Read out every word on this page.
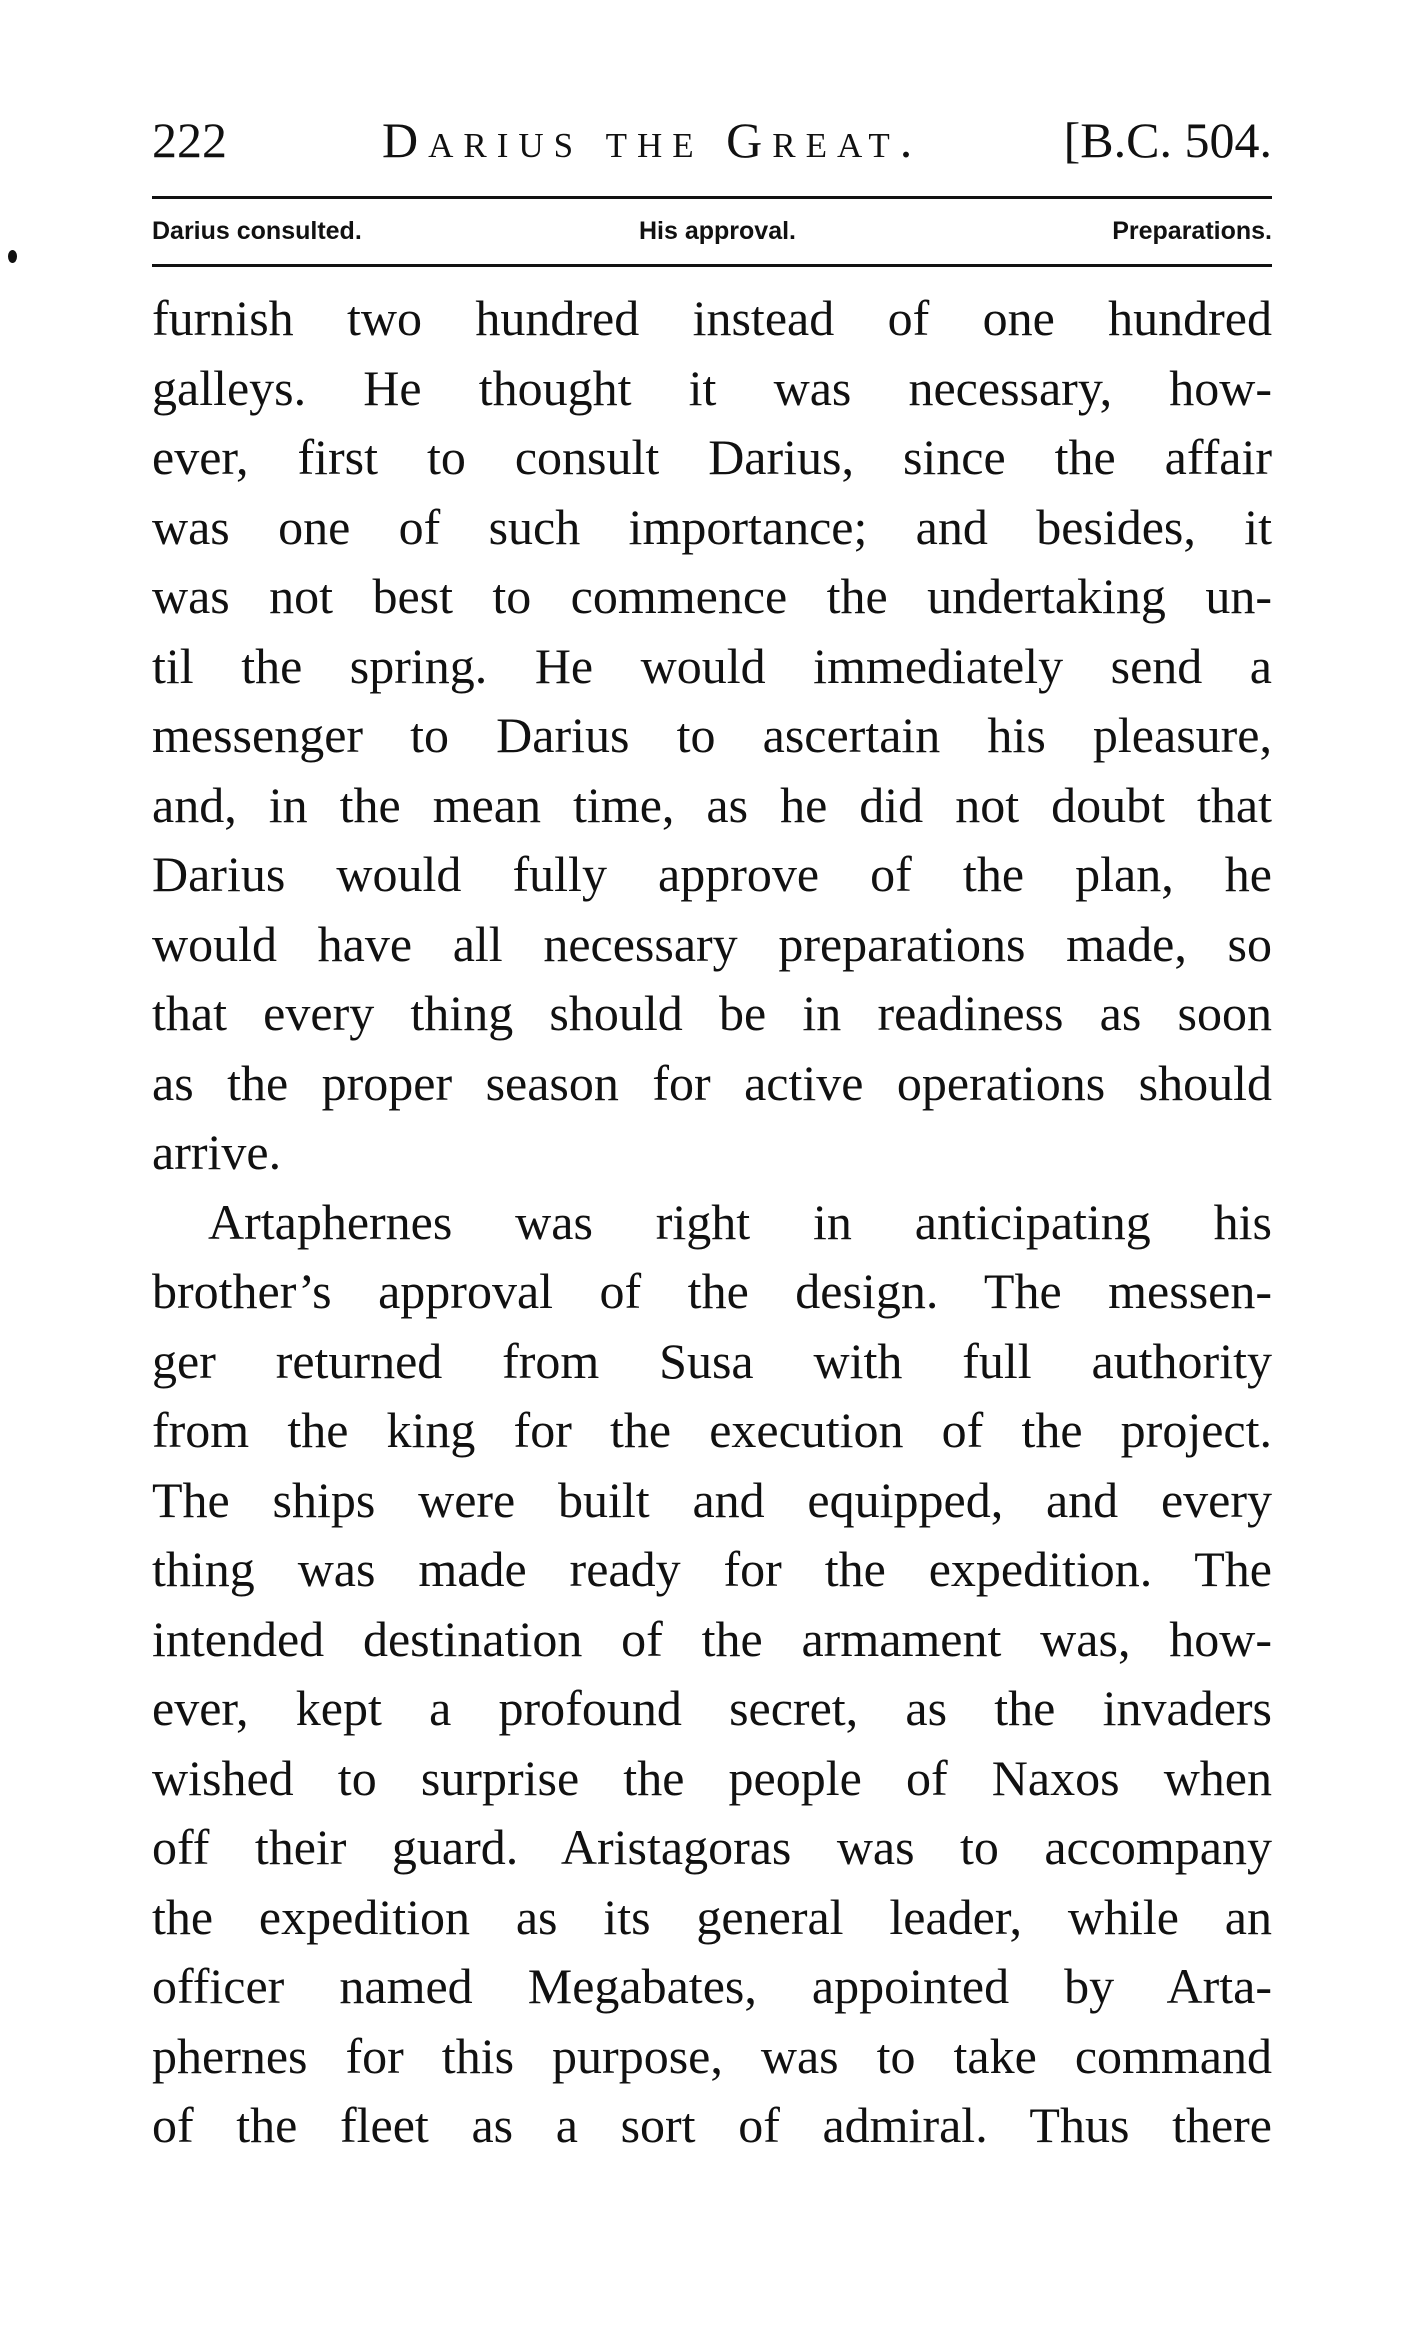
222	Darius the Great.	[B.C. 504.
Darius consulted.	His approval.	Preparations.
furnish two hundred instead of one hundred
galleys. He thought it was necessary, how-
ever, first to consult Darius, since the affair
was one of such importance; and besides, it
was not best to commence the undertaking un-
til the spring. He would immediately send a
messenger to Darius to ascertain his pleasure,
and, in the mean time, as he did not doubt that
Darius would fully approve of the plan, he
would have all necessary preparations made, so
that every thing should be in readiness as soon
as the proper season for active operations should
arrive.
Artaphernes was right in anticipating his
brother’s approval of the design. The messen-
ger returned from Susa with full authority
from the king for the execution of the project.
The ships were built and equipped, and every
thing was made ready for the expedition. The
intended destination of the armament was, how-
ever, kept a profound secret, as the invaders
wished to surprise the people of Naxos when
off their guard. Aristagoras was to accompany
the expedition as its general leader, while an
officer named Megabates, appointed by Arta-
phernes for this purpose, was to take command
of the fleet as a sort of admiral. Thus there
